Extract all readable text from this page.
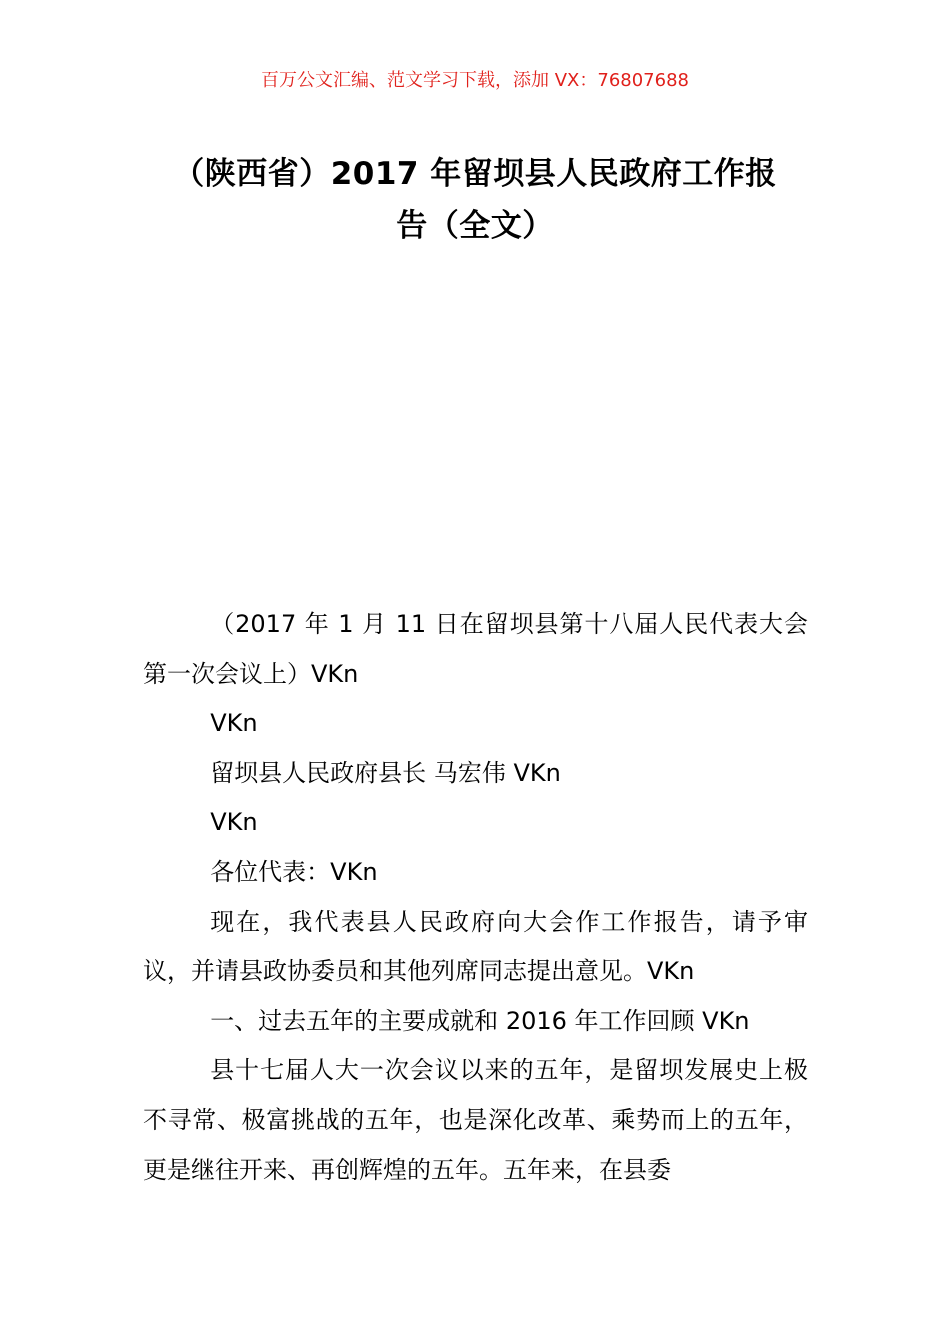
百万公文汇编、范文学习下载，添加 VX：76807688
（陕西省）2017 年留坝县人民政府工作报
告（全文）

（2017 年 1 月 11 日在留坝县第十八届人民代表大会第一次会议上）VKn

VKn

留坝县人民政府县长 马宏伟 VKn

VKn

各位代表：VKn

现在，我代表县人民政府向大会作工作报告，请予审议，并请县政协委员和其他列席同志提出意见。VKn

一、过去五年的主要成就和 2016 年工作回顾 VKn

县十七届人大一次会议以来的五年，是留坝发展史上极不寻常、极富挑战的五年，也是深化改革、乘势而上的五年，更是继往开来、再创辉煌的五年。五年来，在县委
